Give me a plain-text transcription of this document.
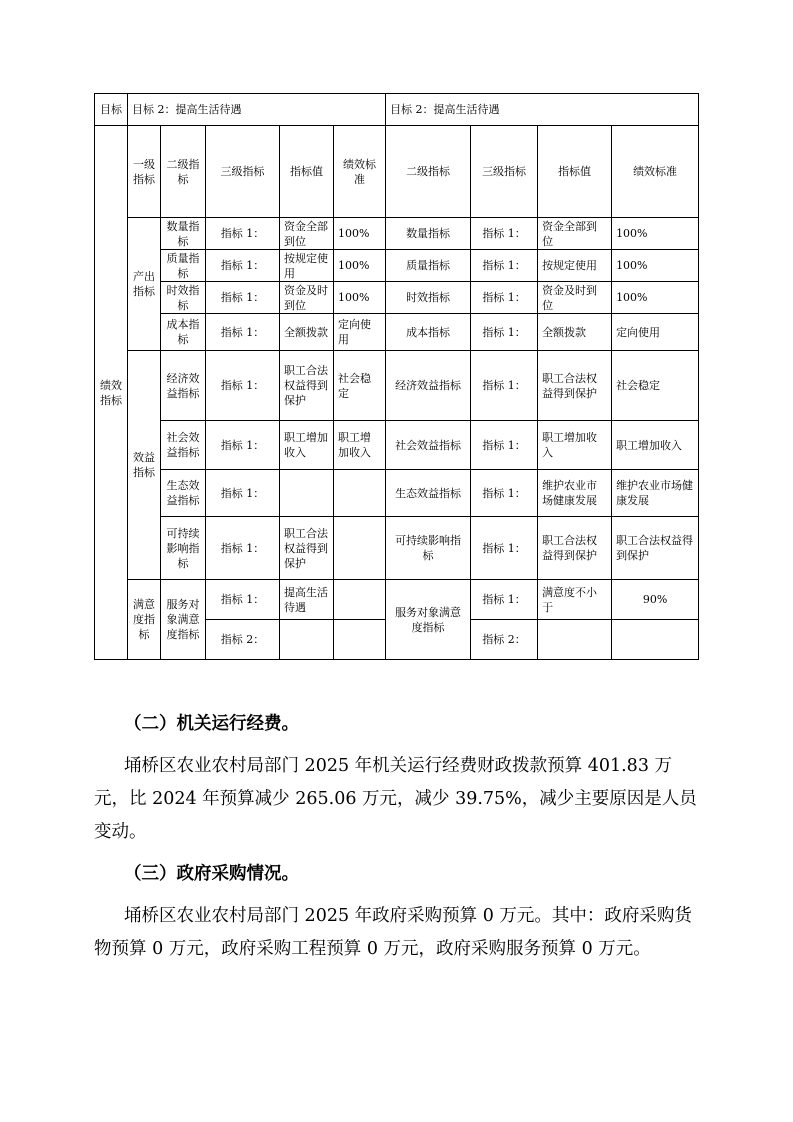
目标	目标 2：提高生活待遇					目标 2：提高生活待遇			
绩效指标	一级指标	二级指标	三级指标	指标值	绩效标准	二级指标	三级指标	指标值	绩效标准
	产出指标	数量指标	指标 1：	资金全部到位	100%	数量指标	指标 1：	资金全部到位	100%
		质量指标	指标 1：	按规定使用	100%	质量指标	指标 1：	按规定使用	100%
		时效指标	指标 1：	资金及时到位	100%	时效指标	指标 1：	资金及时到位	100%
		成本指标	指标 1：	全额拨款	定向使用	成本指标	指标 1：	全额拨款	定向使用
	效益指标	经济效益指标	指标 1：	职工合法权益得到保护	社会稳定	经济效益指标	指标 1：	职工合法权益得到保护	社会稳定
		社会效益指标	指标 1：	职工增加收入	职工增加收入	社会效益指标	指标 1：	职工增加收入	职工增加收入
		生态效益指标	指标 1：			生态效益指标	指标 1：	维护农业市场健康发展	维护农业市场健康发展
		可持续影响指标	指标 1：	职工合法权益得到保护		可持续影响指标	指标 1：	职工合法权益得到保护	职工合法权益得到保护
	满意度指标	服务对象满意度指标	指标 1：	提高生活待遇		服务对象满意度指标	指标 1：	满意度不小于	90%
			指标 2：				指标 2：		
（二）机关运行经费。
埇桥区农业农村局部门 2025 年机关运行经费财政拨款预算 401.83 万元，比 2024 年预算减少 265.06 万元，减少 39.75%，减少主要原因是人员变动。
（三）政府采购情况。
埇桥区农业农村局部门 2025 年政府采购预算 0 万元。其中：政府采购货物预算 0 万元，政府采购工程预算 0 万元，政府采购服务预算 0 万元。
